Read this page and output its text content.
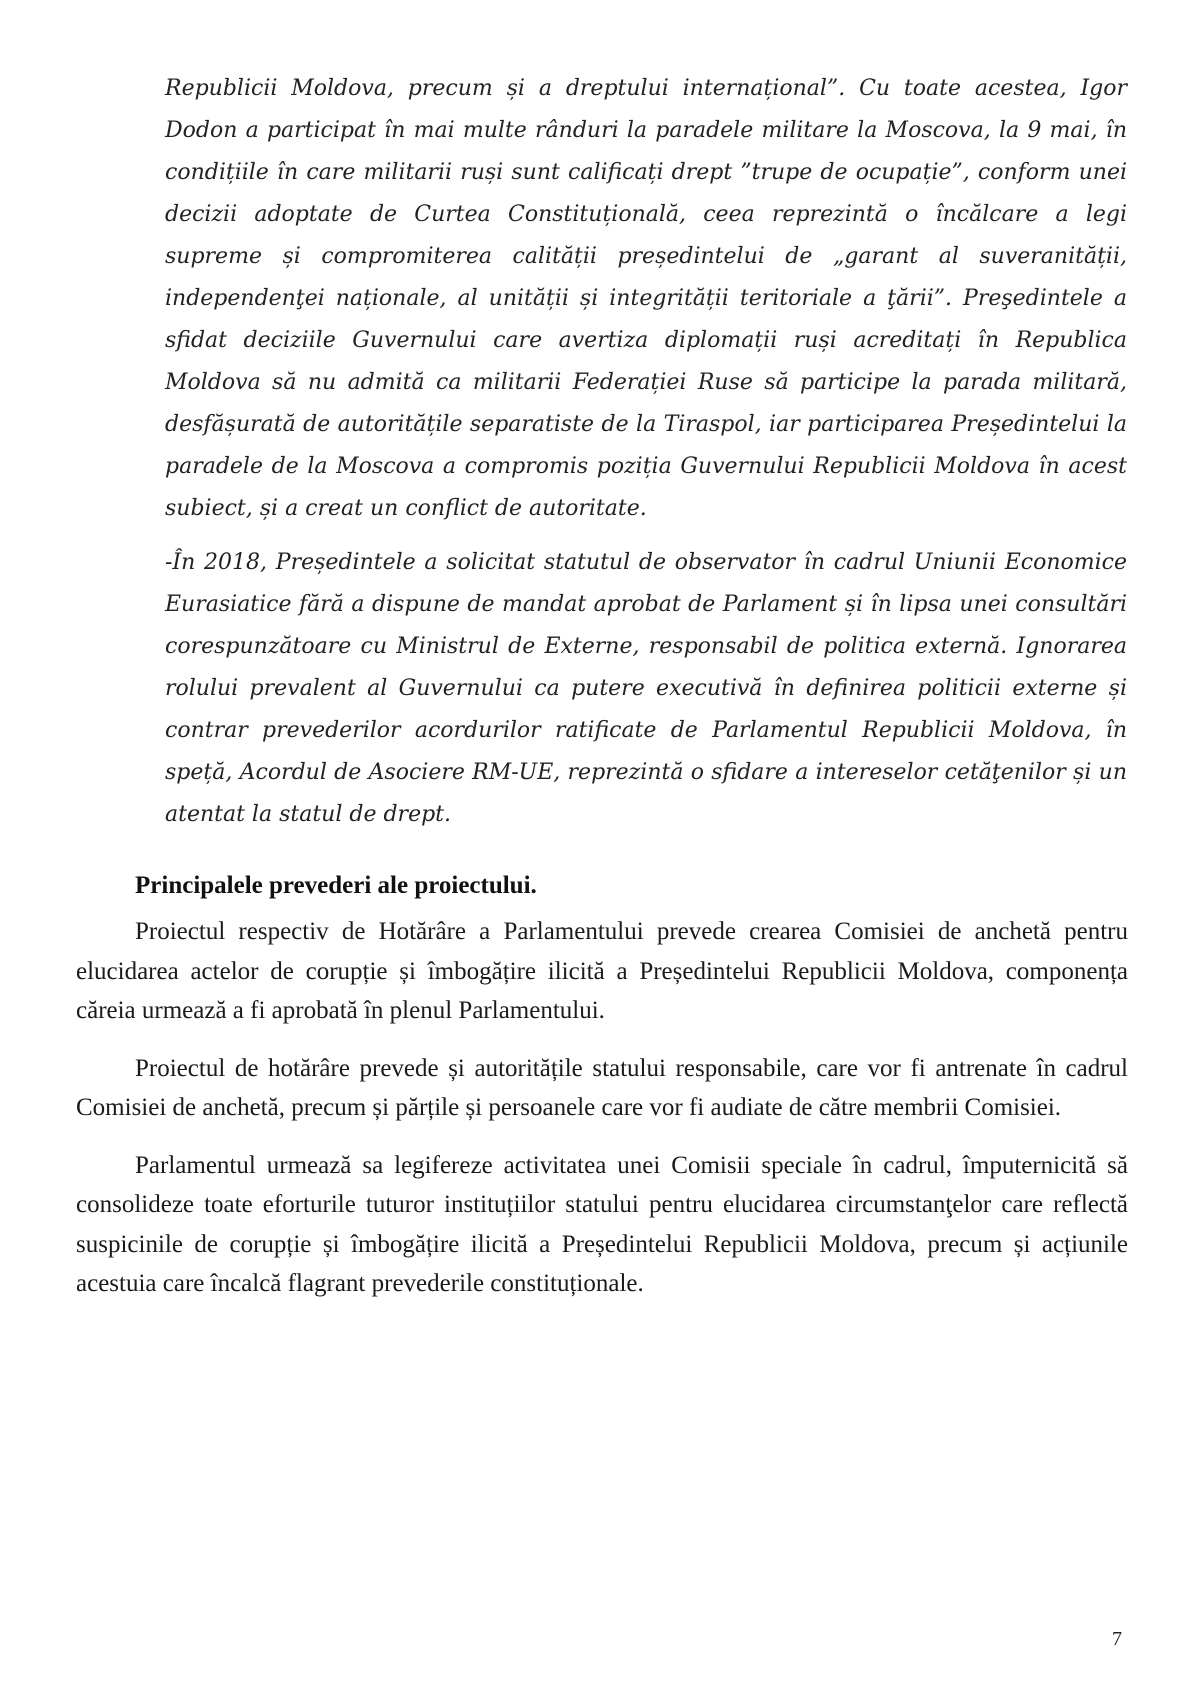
Republicii Moldova, precum și a dreptului internațional”. Cu toate acestea, Igor Dodon a participat în mai multe rânduri la paradele militare la Moscova, la 9 mai, în condițiile în care militarii ruși sunt calificați drept ”trupe de ocupație”, conform unei decizii adoptate de Curtea Constituțională, ceea reprezintă o încălcare a legi supreme și compromiterea calității președintelui de „garant al suveranității, independenţei naționale, al unității și integrității teritoriale a ţării”. Preşedintele a sfidat deciziile Guvernului care avertiza diplomații ruși acreditați în Republica Moldova să nu admită ca militarii Federației Ruse să participe la parada militară, desfășurată de autoritățile separatiste de la Tiraspol, iar participarea Președintelui la paradele de la Moscova a compromis poziția Guvernului Republicii Moldova în acest subiect, și a creat un conflict de autoritate.

-În 2018, Președintele a solicitat statutul de observator în cadrul Uniunii Economice Eurasiatice fără a dispune de mandat aprobat de Parlament și în lipsa unei consultări corespunzătoare cu Ministrul de Externe, responsabil de politica externă. Ignorarea rolului prevalent al Guvernului ca putere executivă în definirea politicii externe și contrar prevederilor acordurilor ratificate de Parlamentul Republicii Moldova, în speță, Acordul de Asociere RM-UE, reprezintă o sfidare a intereselor cetăţenilor și un atentat la statul de drept.

Principalele prevederi ale proiectului.

Proiectul respectiv de Hotărâre a Parlamentului prevede crearea Comisiei de anchetă pentru elucidarea actelor de corupție și îmbogățire ilicită a Președintelui Republicii Moldova, componența căreia urmează a fi aprobată în plenul Parlamentului.

Proiectul de hotărâre prevede și autoritățile statului responsabile, care vor fi antrenate în cadrul Comisiei de anchetă, precum și părțile și persoanele care vor fi audiate de către membrii Comisiei.

Parlamentul urmează sa legifereze activitatea unei Comisii speciale în cadrul, împuternicită să consolideze toate eforturile tuturor instituțiilor statului pentru elucidarea circumstanţelor care reflectă suspicinile de corupție și îmbogățire ilicită a Președintelui Republicii Moldova, precum și acțiunile acestuia care încalcă flagrant prevederile constituționale.

7
